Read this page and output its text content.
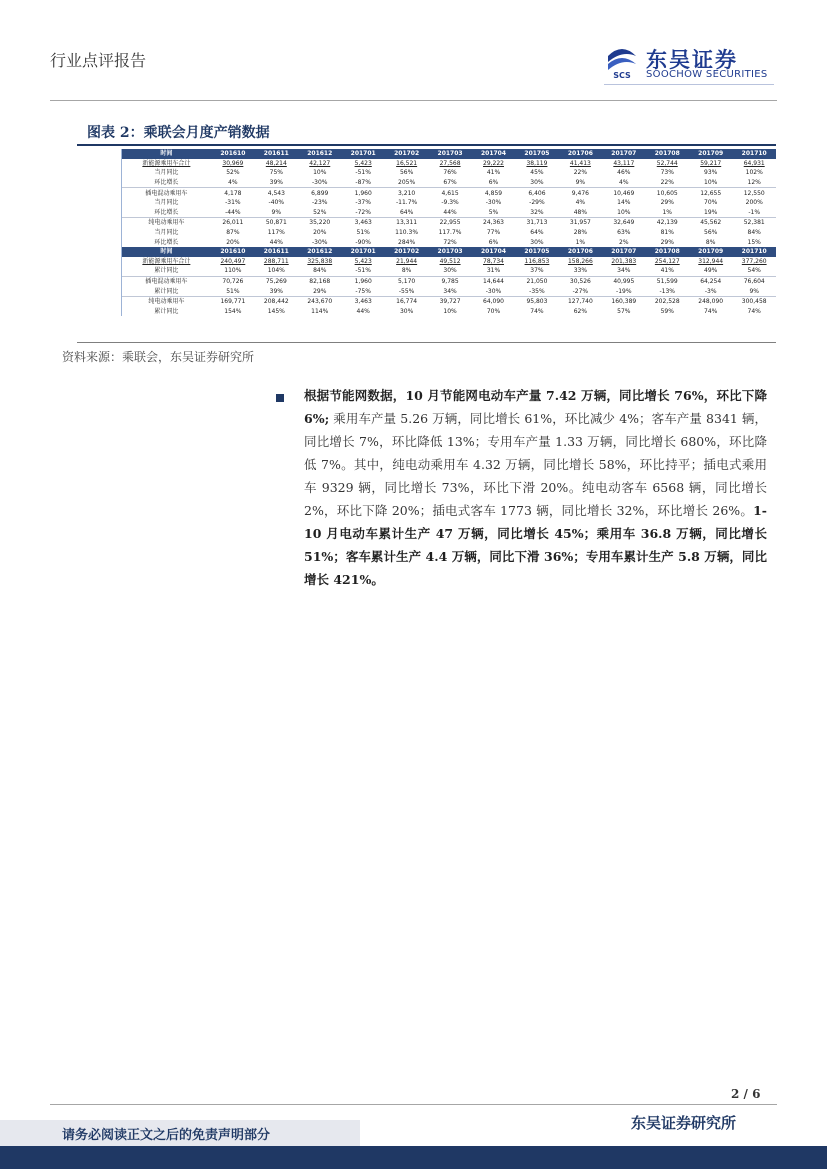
行业点评报告
SCS
东吴证券
SOOCHOW SECURITIES
图表 2：乘联会月度产销数据
月度销量	时间	201610	201611	201612	201701	201702	201703	201704	201705	201706	201707	201708	201709	201710
	新能源乘用车合计	30,969	48,214	42,127	5,423	16,521	27,568	29,222	38,119	41,413	43,117	52,744	59,217	64,931
	当月同比	52%	75%	10%	-51%	56%	76%	41%	45%	22%	46%	73%	93%	102%
	环比增长	4%	39%	-30%	-87%	205%	67%	6%	30%	9%	4%	22%	10%	12%
	插电混动乘用车	4,178	4,543	6,899	1,960	3,210	4,615	4,859	6,406	9,476	10,469	10,605	12,655	12,550
	当月同比	-31%	-40%	-23%	-37%	-11.7%	-9.3%	-30%	-29%	4%	14%	29%	70%	200%
	环比增长	-44%	9%	52%	-72%	64%	44%	5%	32%	48%	10%	1%	19%	-1%
	纯电动乘用车	26,011	50,871	35,220	3,463	13,311	22,955	24,363	31,713	31,957	32,649	42,139	45,562	52,381
	当月同比	87%	117%	20%	51%	110.3%	117.7%	77%	64%	28%	63%	81%	56%	84%
	环比增长	20%	44%	-30%	-90%	284%	72%	6%	30%	1%	2%	29%	8%	15%
累计销量	时间	201610	201611	201612	201701	201702	201703	201704	201705	201706	201707	201708	201709	201710
	新能源乘用车合计	240,497	288,711	325,838	5,423	21,944	49,512	78,734	116,853	158,266	201,383	254,127	312,944	377,260
	累计同比	110%	104%	84%	-51%	8%	30%	31%	37%	33%	34%	41%	49%	54%
	插电混动乘用车	70,726	75,269	82,168	1,960	5,170	9,785	14,644	21,050	30,526	40,995	51,599	64,254	76,604
	累计同比	51%	39%	29%	-75%	-55%	34%	-30%	-35%	-27%	-19%	-13%	-3%	9%
	纯电动乘用车	169,771	208,442	243,670	3,463	16,774	39,727	64,090	95,803	127,740	160,389	202,528	248,090	300,458
	累计同比	154%	145%	114%	44%	30%	10%	70%	74%	62%	57%	59%	74%	74%
资料来源：乘联会，东吴证券研究所
根据节能网数据，10 月节能网电动车产量 7.42 万辆，同比增长 76%，环比下降 6%; 乘用车产量 5.26 万辆，同比增长 61%，环比减少 4%；客车产量 8341 辆，同比增长 7%，环比降低 13%；专用车产量 1.33 万辆，同比增长 680%，环比降低 7%。其中，纯电动乘用车 4.32 万辆，同比增长 58%，环比持平；插电式乘用车 9329 辆，同比增长 73%，环比下滑 20%。纯电动客车 6568 辆，同比增长 2%，环比下降 20%；插电式客车 1773 辆，同比增长 32%，环比增长 26%。1-10 月电动车累计生产 47 万辆，同比增长 45%；乘用车 36.8 万辆，同比增长 51%；客车累计生产 4.4 万辆，同比下滑 36%；专用车累计生产 5.8 万辆，同比增长 421%。
2 / 6
东吴证券研究所
请务必阅读正文之后的免责声明部分
